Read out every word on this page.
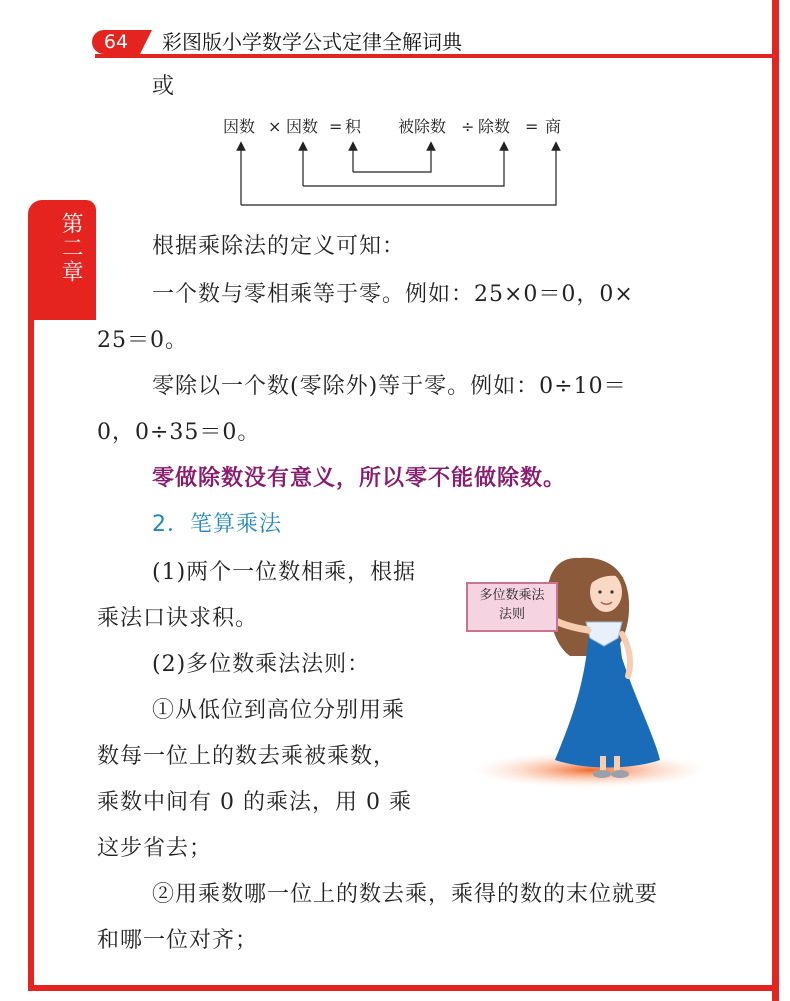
64	彩图版小学数学公式定律全解词典
第二章
或
因数 × 因数 = 积 被除数 ÷ 除数 = 商
根据乘除法的定义可知：
一个数与零相乘等于零。例如：25×0＝0，0×
25＝0。
零除以一个数(零除外)等于零。例如：0÷10＝
0，0÷35＝0。
零做除数没有意义，所以零不能做除数。
2．笔算乘法
(1)两个一位数相乘，根据
乘法口诀求积。
(2)多位数乘法法则：
①从低位到高位分别用乘
数每一位上的数去乘被乘数，
乘数中间有 0 的乘法，用 0 乘
这步省去；
②用乘数哪一位上的数去乘，乘得的数的末位就要
和哪一位对齐；
多位数乘法
法则
